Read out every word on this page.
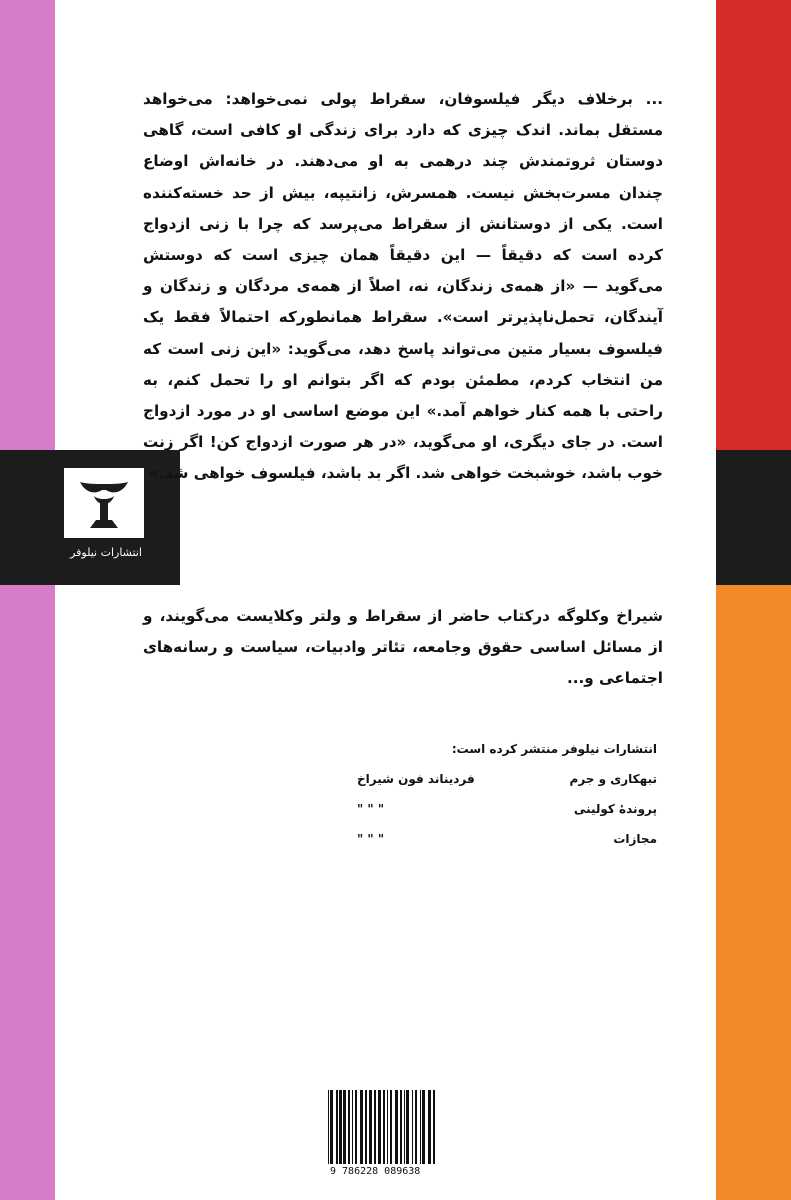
انتشارات نیلوفر
... برخلاف دیگر فیلسوفان، سقراط پولی نمی‌خواهد: می‌خواهد مستقل بماند. اندک چیزی که دارد برای زندگی او کافی است، گاهی دوستان ثروتمندش چند درهمی به او می‌دهند. در خانه‌اش اوضاع چندان مسرت‌بخش نیست. همسرش، زانتیپه، بیش از حد خسته‌کننده است. یکی از دوستانش از سقراط می‌پرسد که چرا با زنی ازدواج کرده است که دقیقاً — این دقیقاً همان چیزی است که دوستش می‌گوید — «از همه‌ی زندگان، نه، اصلاً از همه‌ی مردگان و زندگان و آیندگان، تحمل‌ناپذیرتر است». سقراط همانطورکه احتمالاً فقط یک فیلسوف بسیار متین می‌تواند پاسخ دهد، می‌گوید: «این زنی است که من انتخاب کردم، مطمئن بودم که اگر بتوانم او را تحمل کنم، به راحتی با همه کنار خواهم آمد.» این موضع اساسی او در مورد ازدواج است. در جای دیگری، او می‌گوید، «در هر صورت ازدواج کن! اگر زنت خوب باشد، خوشبخت خواهی شد. اگر بد باشد، فیلسوف خواهی شد.»
شیراخ وکلوگه درکتاب حاضر از سقراط و ولتر وکلایست می‌گویند، و از مسائل اساسی حقوق وجامعه، تئاتر وادبیات، سیاست و رسانه‌های اجتماعی و...
انتشارات نیلوفر منتشر کرده است:
تبهکاری و جرم
فردیناند فون شیراخ
پروندهٔ کولینی
" " "
مجازات
" " "
9 786228 089638
